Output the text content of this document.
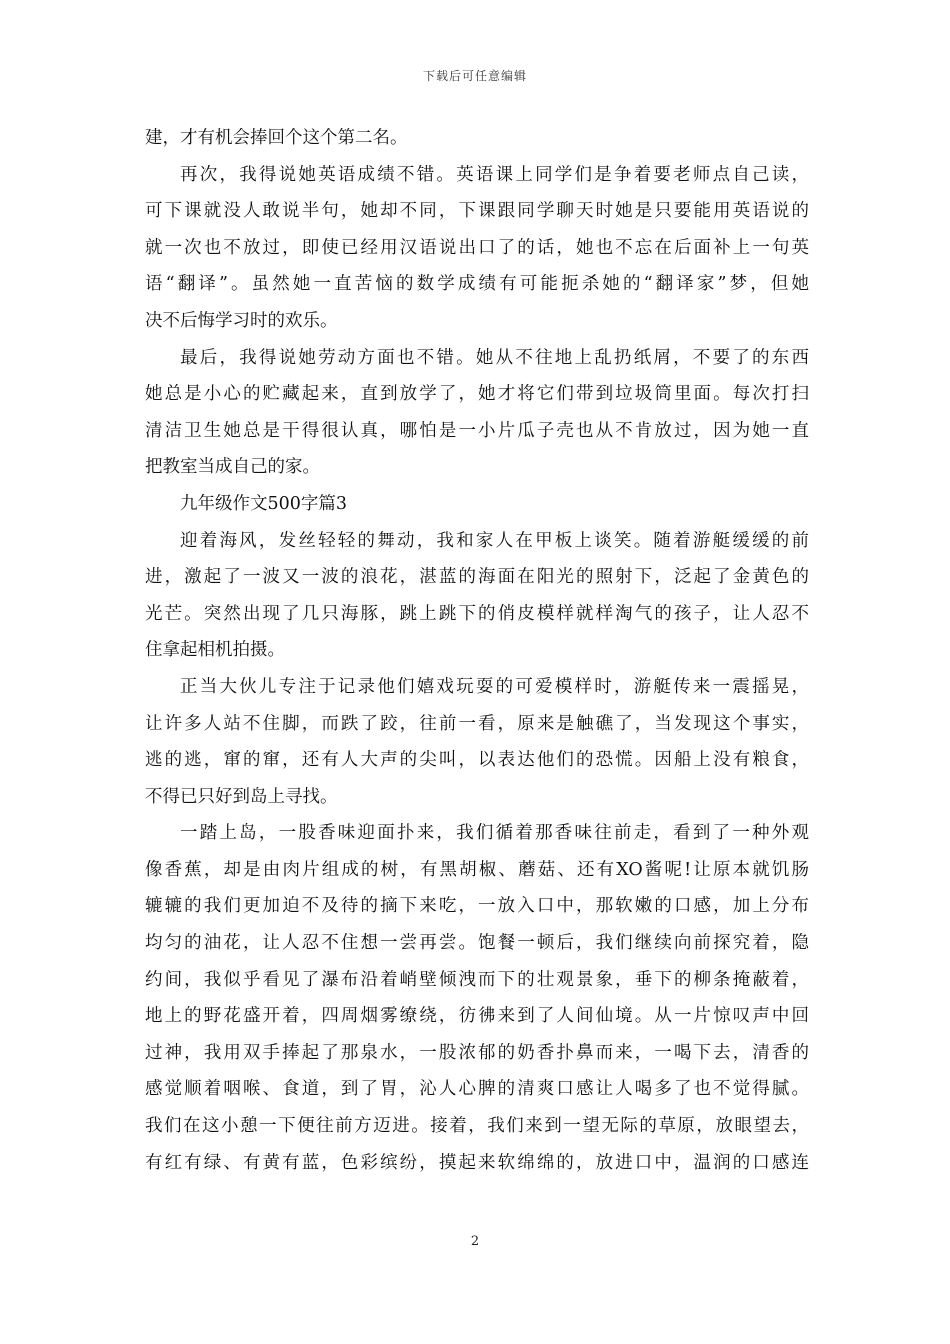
下载后可任意编辑
建，才有机会捧回个这个第二名。
再次，我得说她英语成绩不错。英语课上同学们是争着要老师点自己读，
可下课就没人敢说半句，她却不同，下课跟同学聊天时她是只要能用英语说的
就一次也不放过，即使已经用汉语说出口了的话，她也不忘在后面补上一句英
语“翻译”。虽然她一直苦恼的数学成绩有可能扼杀她的“翻译家”梦，但她
决不后悔学习时的欢乐。
最后，我得说她劳动方面也不错。她从不往地上乱扔纸屑，不要了的东西
她总是小心的贮藏起来，直到放学了，她才将它们带到垃圾筒里面。每次打扫
清洁卫生她总是干得很认真，哪怕是一小片瓜子壳也从不肯放过，因为她一直
把教室当成自己的家。
九年级作文500字篇3
迎着海风，发丝轻轻的舞动，我和家人在甲板上谈笑。随着游艇缓缓的前
进，激起了一波又一波的浪花，湛蓝的海面在阳光的照射下，泛起了金黄色的
光芒。突然出现了几只海豚，跳上跳下的俏皮模样就样淘气的孩子，让人忍不
住拿起相机拍摄。
正当大伙儿专注于记录他们嬉戏玩耍的可爱模样时，游艇传来一震摇晃，
让许多人站不住脚，而跌了跤，往前一看，原来是触礁了，当发现这个事实，
逃的逃，窜的窜，还有人大声的尖叫，以表达他们的恐慌。因船上没有粮食，
不得已只好到岛上寻找。
一踏上岛，一股香味迎面扑来，我们循着那香味往前走，看到了一种外观
像香蕉，却是由肉片组成的树，有黑胡椒、蘑菇、还有XO酱呢!让原本就饥肠
辘辘的我们更加迫不及待的摘下来吃，一放入口中，那软嫩的口感，加上分布
均匀的油花，让人忍不住想一尝再尝。饱餐一顿后，我们继续向前探究着，隐
约间，我似乎看见了瀑布沿着峭壁倾洩而下的壮观景象，垂下的柳条掩蔽着，
地上的野花盛开着，四周烟雾缭绕，彷彿来到了人间仙境。从一片惊叹声中回
过神，我用双手捧起了那泉水，一股浓郁的奶香扑鼻而来，一喝下去，清香的
感觉顺着咽喉、食道，到了胃，沁人心脾的清爽口感让人喝多了也不觉得腻。
我们在这小憩一下便往前方迈进。接着，我们来到一望无际的草原，放眼望去，
有红有绿、有黄有蓝，色彩缤纷，摸起来软绵绵的，放进口中，温润的口感连
2
